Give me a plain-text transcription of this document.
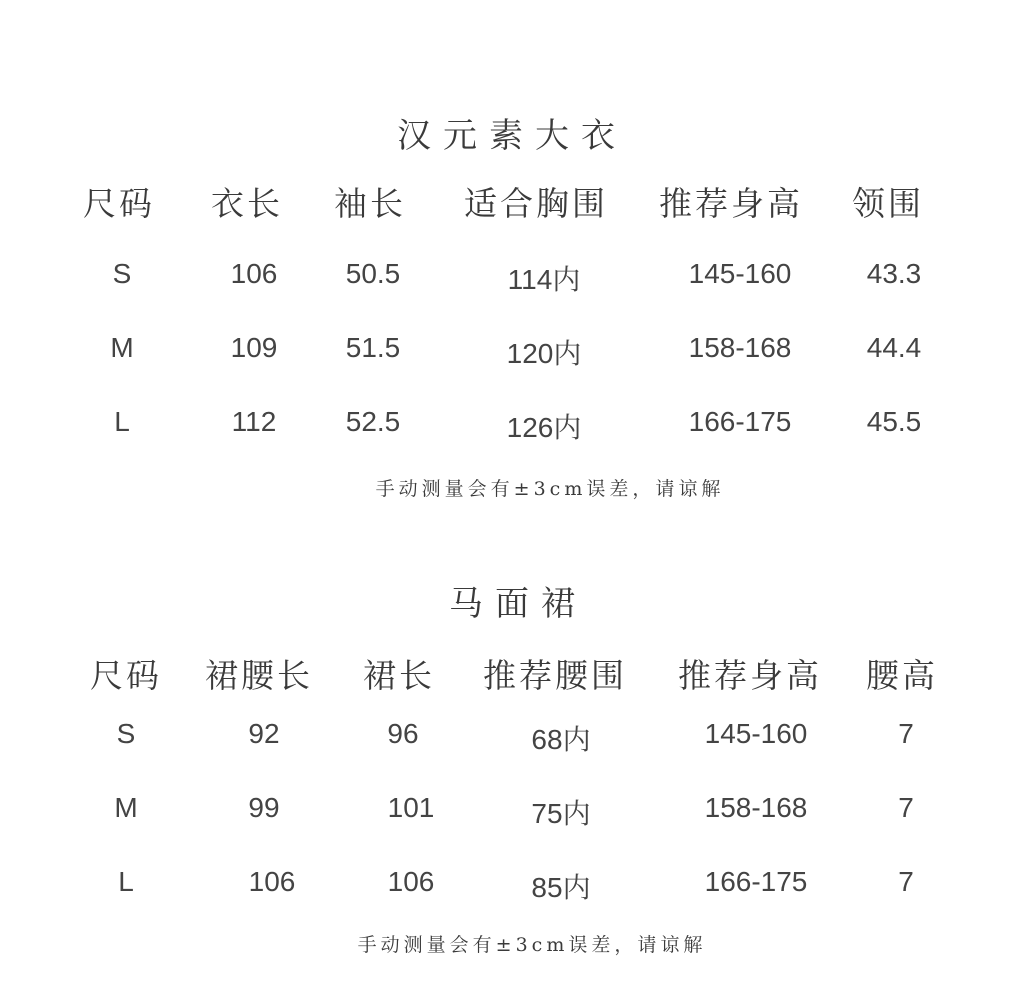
汉元素大衣
尺码 衣长 袖长 适合胸围 推荐身高 领围
S	106 50.5	114内	145-160	43.3
M	109 51.5	120内	158-168	44.4
L	112 52.5	126内	166-175	45.5
手动测量会有±3cm误差，请谅解
马面裙
尺码 裙腰长 裙长 推荐腰围 推荐身高 腰高
S	92	96	68内	145-160	7
M	99	101	75内	158-168	7
L	106	106	85内	166-175	7
手动测量会有±3cm误差，请谅解
